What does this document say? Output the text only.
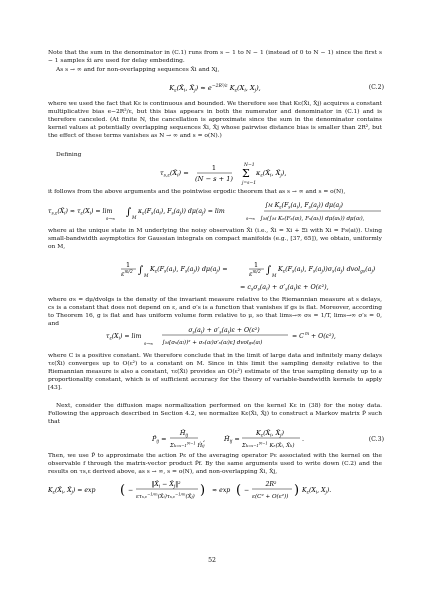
Note that the sum in the denominator in (C.1) runs from s − 1 to N − 1 (instead of 0 to N − 1) since the first s − 1 samples x̂i are used for delay embedding.

As s → ∞ and for non-overlapping sequences X̂i and Xj,

$K_\varepsilon(X̂_i$, $X̂_j) \approx e^{-2R^2/\varepsilon}$ $K_\varepsilon(X_i$, $X_j$),	(C.2)

where we used the fact that Kε is continuous and bounded. We therefore see that Kε(X̂i, X̂j) acquires a constant multiplicative bias e−2R²/ε, but this bias appears in both the numerator and denominator in (C.1) and is therefore canceled. (At finite N, the cancellation is approximate since the sum in the denominator contains kernel values at potentially overlapping sequences X̂i, X̂j whose pairwise distance bias is smaller than 2R², but the effect of these terms vanishes as N → ∞ and s = o(N).)

Defining

$\tau_{s,\varepsilon}(X̂_i)$ =
1
(N − s + 1)
N−1
Σ
j=s−1
$\kappa_\varepsilon(X̂_i$, $X̂_j$),

it follows from the above arguments and the pointwise ergodic theorem that as s → ∞ and s = o(N),

$\tau_{s,\varepsilon}(X̂_i) \approx \tau_\varepsilon(X_i) = \lim$
s→∞
∫
M
$\kappa_\varepsilon(F_s(a_i)$, $F_s(a_j)$) $d\mu(a_j) = \lim$
s→∞
∫M $K_\varepsilon(F_s(a_i)$, $F_s(a_j)$) $d\mu(a_j)$
∫M(∫M Kε(Fs(al), Fs(ak)) dμ(ak)) dμ(al),

where ai the unique state in M underlying the noisy observation X̂i (i.e., X̂i = Xi + Ξi with Xi = Fs(ai)). Using small-bandwidth asymptotics for Gaussian integrals on compact manifolds (e.g., [37, 65]), we obtain, uniformly on M,

1
$\varepsilon^{m/2}$ ∫
M
$K_\varepsilon(F_s(a_i)$, $F_s(a_j)$) $d\mu(a_j)$ =	1
$\varepsilon^{m/2}$ ∫
M
$K_\varepsilon(F_s(a_i)$, $F_s(a_j))\sigma_s(a_j)$ $dvol_{gs}(a_j)$
= $c_s\sigma_s(a_i) + \sigma'_s(a_i)\varepsilon + O(\varepsilon^2)$,

where σs = dμ/dvolgs is the density of the invariant measure relative to the Riemannian measure at s delays, cs is a constant that does not depend on ε, and σ′s is a function that vanishes if gs is flat. Moreover, according to Theorem 16, g is flat and has uniform volume form relative to μ, so that lims→∞ σs = 1/T, lims→∞ σ′s = 0, and

$\tau_\varepsilon(X_i) = \lim$
s→∞
$\sigma_s(a_i) + \sigma'_s(a_i)\varepsilon + O(\varepsilon^2)$
∫M[σs(al))² + σs(al)σ′s(al)ε] dvolgs(al)
= C m + O(ε²),

where C is a positive constant. We therefore conclude that in the limit of large data and infinitely many delays τε(X̂i) converges up to O(ε²) to a constant on M. Since in this limit the sampling density relative to the Riemannian measure is also a constant, τε(X̂i) provides an O(ε²) estimate of the true sampling density up to a proportionality constant, which is of sufficient accuracy for the theory of variable-bandwidth kernels to apply [43].

Next, consider the diffusion maps normalization performed on the kernel Kε in (38) for the noisy data. Following the approach described in Section 4.2, we normalize Kε(X̂i, X̂j) to construct a Markov matrix P̂ such that

$P̂_{ij}$ =
$Ĥ_{ij}$
$\Sigma k=s-1^{N-1}$ Ĥij
,	$Ĥ_{ij}$ =
$K_\varepsilon(X̂_i$, $X̂_j$)
$\Sigma k=s-1^{N-1}$ Kε(X̂i, X̂k)
.	(C.3)

Then, we use P̂ to approximate the action Pε of the averaging operator Pε associated with the kernel on the observable f through the matrix-vector product P̂f. By the same arguments used to write down (C.2) and the results on τs,ε derived above, as s → ∞, s = o(N), and non-overlapping X̂i, X̂j,

$K_\varepsilon(X̂_i$, $X̂_j) = \exp$ ( −
$‖X̂_i$ − $X̂_j‖^2$
$\varepsilon\tau s,\varepsilon^{-1/m}(X̂i)\tau s,\varepsilon^{-1/m}(X̂j)$ ) ≈ exp ( −
2R²
ε(C² + O(ε²)) ) $K_\varepsilon(X_i$, $X_j$).
52
